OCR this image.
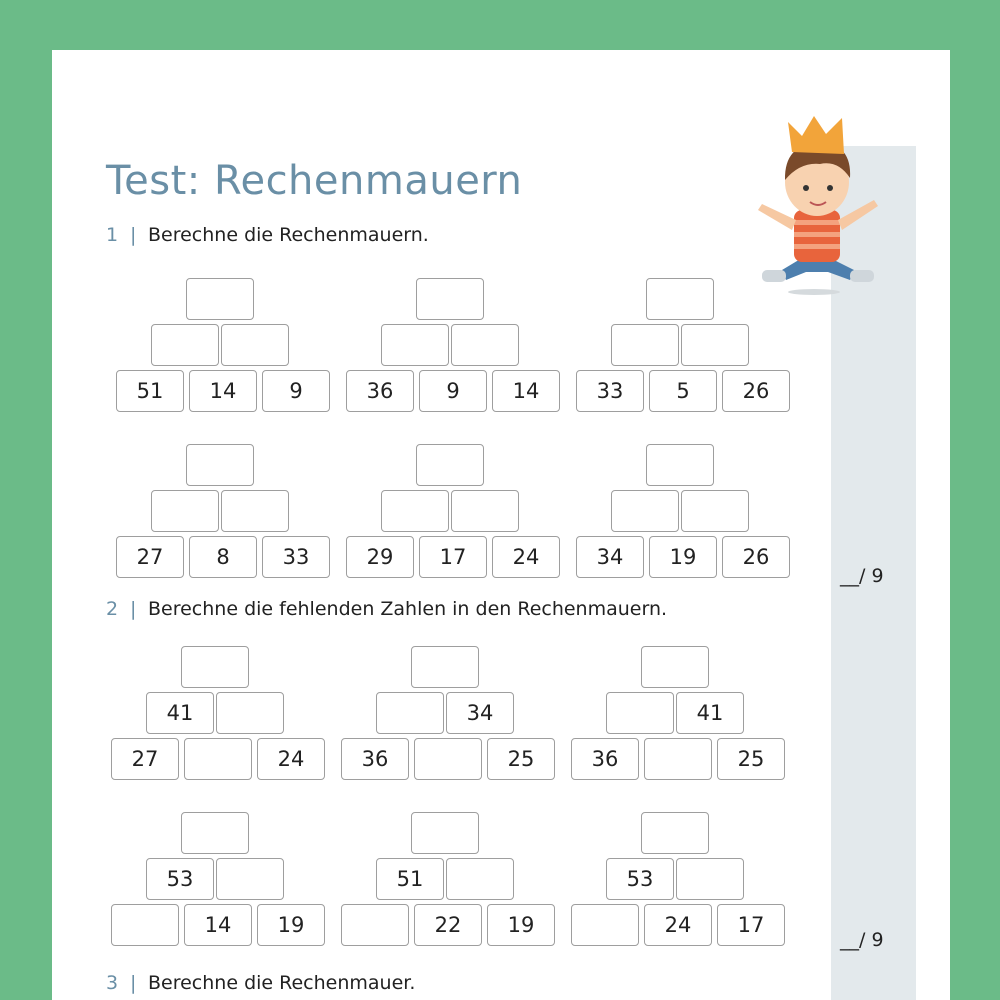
Test: Rechenmauern
1 | Berechne die Rechenmauern.
2 | Berechne die fehlenden Zahlen in den Rechenmauern.
3 | Berechne die Rechenmauer.
__/ 9
__/ 9
51	14	9	36	9	14	33	5	26
27	8	33	29	17	24	34	19	26
41
27	24
34
36	25
41
36	25
53
14	19
51
22	19
53
24	17
